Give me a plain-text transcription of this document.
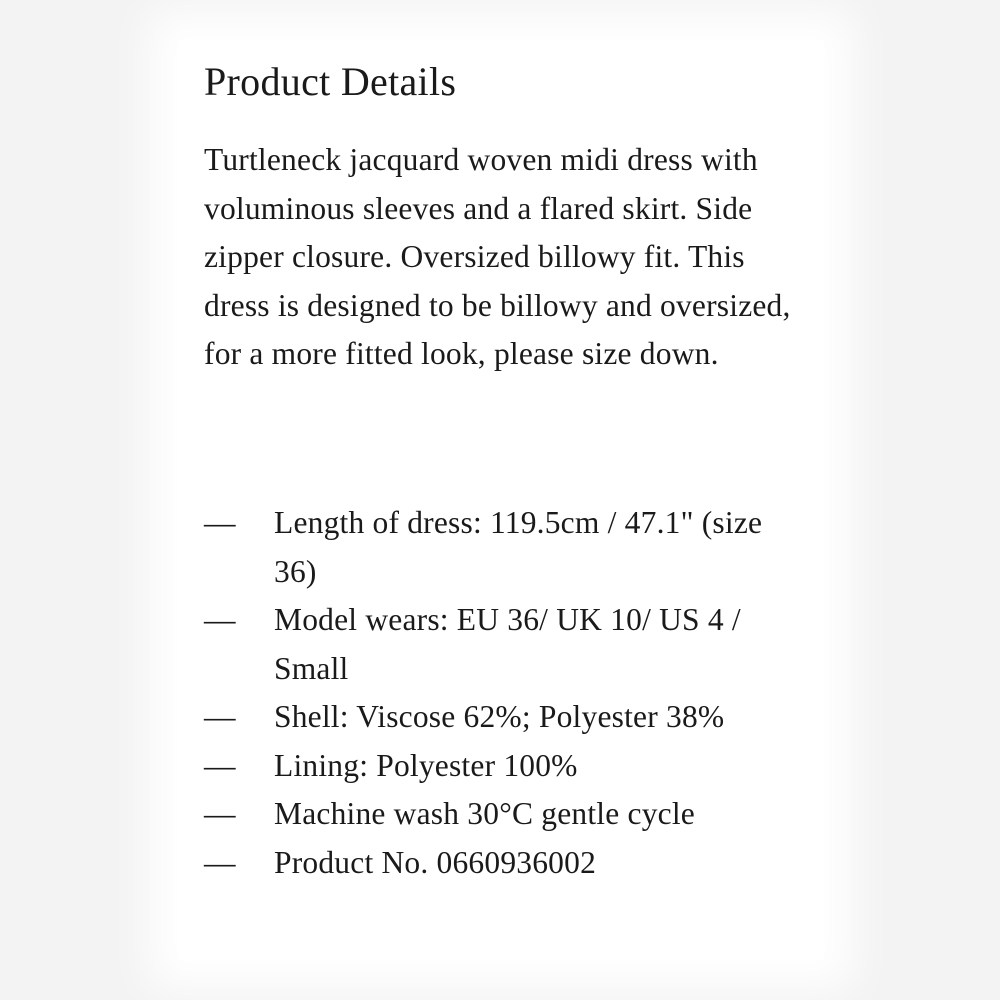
Product Details

Turtleneck jacquard woven midi dress with voluminous sleeves and a flared skirt. Side zipper closure. Oversized billowy fit. This dress is designed to be billowy and oversized, for a more fitted look, please size down.

—	Length of dress: 119.5cm / 47.1" (size 36)
—	Model wears: EU 36/ UK 10/ US 4 / Small
—	Shell: Viscose 62%; Polyester 38%
—	Lining: Polyester 100%
—	Machine wash 30°C gentle cycle
—	Product No. 0660936002
